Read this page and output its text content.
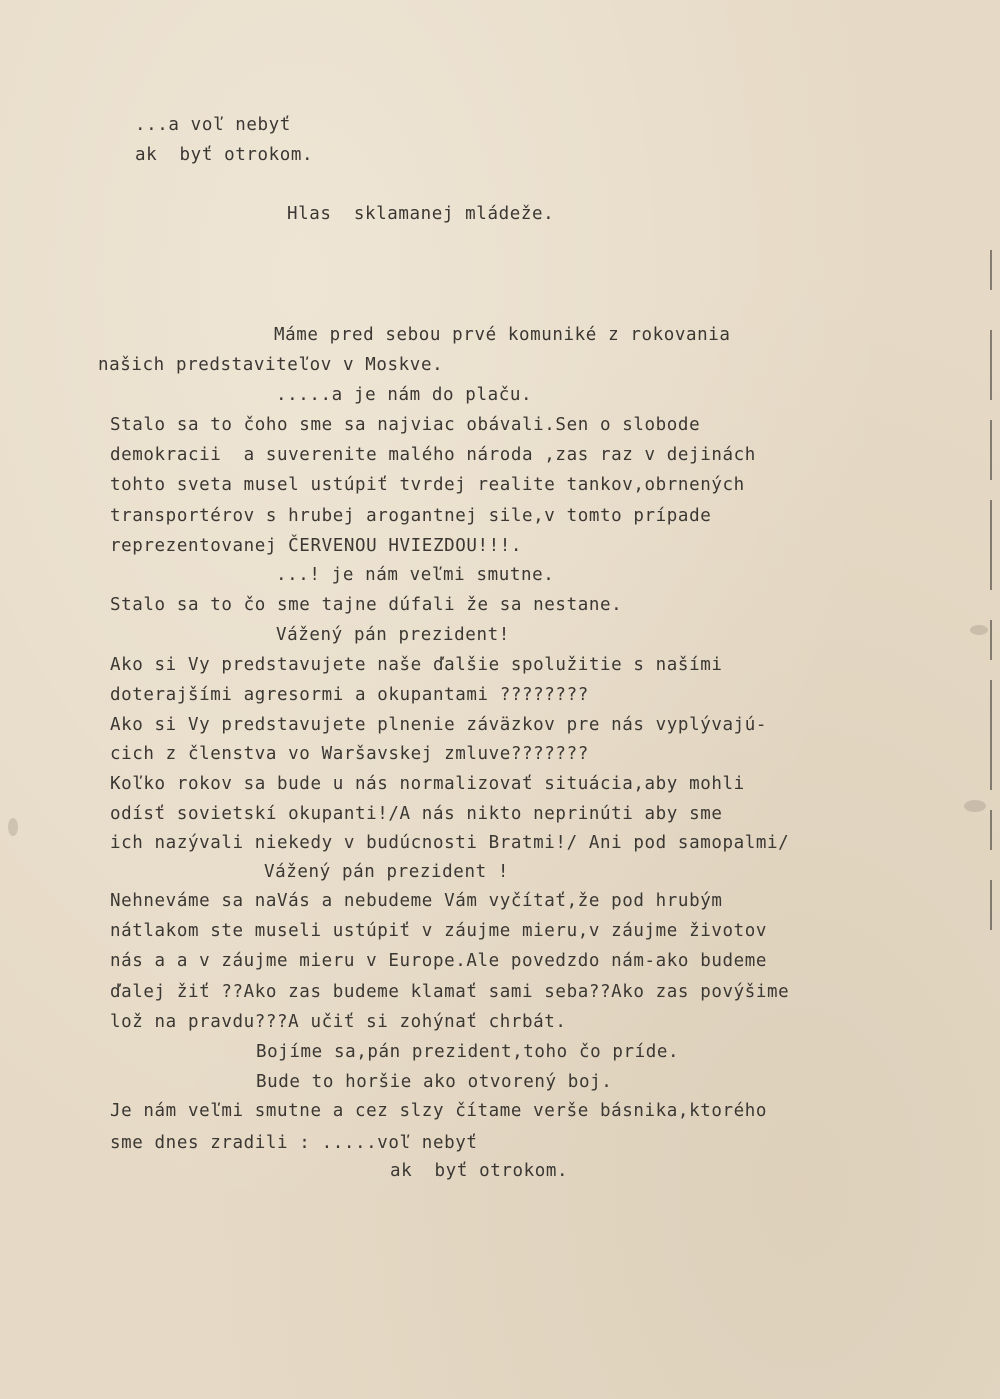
...a voľ nebyť
ak  byť otrokom.
Hlas  sklamanej mládeže.
Máme pred sebou prvé komuniké z rokovania
našich predstaviteľov v Moskve.
.....a je nám do plaču.
Stalo sa to čoho sme sa najviac obávali.Sen o slobode
demokracii  a suverenite malého národa ,zas raz v dejinách
tohto sveta musel ustúpiť tvrdej realite tankov,obrnených
transportérov s hrubej arogantnej sile,v tomto prípade
reprezentovanej ČERVENOU HVIEZDOU!!!.
...! je nám veľmi smutne.
Stalo sa to čo sme tajne dúfali že sa nestane.
Vážený pán prezident!
Ako si Vy predstavujete naše ďalšie spolužitie s našími
doterajšími agresormi a okupantami ????????
Ako si Vy predstavujete plnenie záväzkov pre nás vyplývajú-
cich z členstva vo Waršavskej zmluve???????
Koľko rokov sa bude u nás normalizovať situácia,aby mohli
odísť sovietskí okupanti!/A nás nikto neprinúti aby sme
ich nazývali niekedy v budúcnosti Bratmi!/ Ani pod samopalmi/
Vážený pán prezident !
Nehneváme sa naVás a nebudeme Vám vyčítať,že pod hrubým
nátlakom ste museli ustúpiť v záujme mieru,v záujme životov
nás a a v záujme mieru v Europe.Ale povedzdo nám-ako budeme
ďalej žiť ??Ako zas budeme klamať sami seba??Ako zas povýšime
lož na pravdu???A učiť si zohýnať chrbát.
Bojíme sa,pán prezident,toho čo príde.
Bude to horšie ako otvorený boj.
Je nám veľmi smutne a cez slzy čítame verše básnika,ktorého
sme dnes zradili : .....voľ nebyť
ak  byť otrokom.
